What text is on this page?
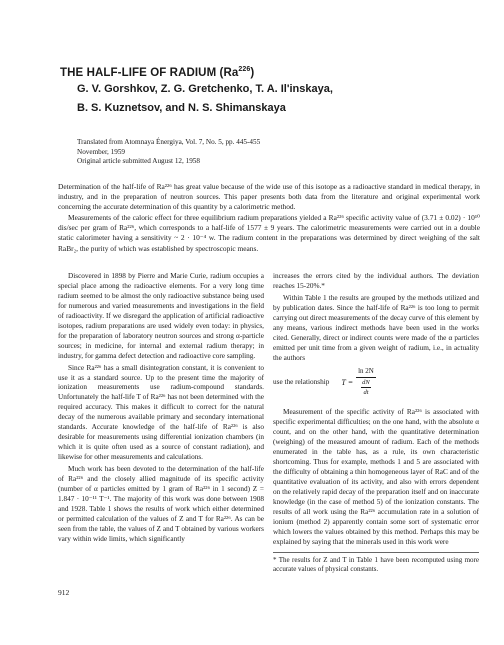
THE HALF-LIFE OF RADIUM (Ra$^{226}$)
G. V. Gorshkov, Z. G. Gretchenko, T. A. Il'inskaya,
B. S. Kuznetsov, and N. S. Shimanskaya
Translated from Atomnaya Énergiya, Vol. 7, No. 5, pp. 445-455
November, 1959
Original article submitted August 12, 1958

Determination of the half-life of Ra²²⁶ has great value because of the wide use of this isotope as a radioactive standard in medical therapy, in industry, and in the preparation of neutron sources. This paper presents both data from the literature and original experimental work concerning the accurate determination of this quantity by a calorimetric method.

Measurements of the caloric effect for three equilibrium radium preparations yielded a Ra²²⁶ specific activity value of (3.71 ± 0.02) · 10¹⁰ dis/sec per gram of Ra²²⁶, which corresponds to a half-life of 1577 ± 9 years. The calorimetric measurements were carried out in a double static calorimeter having a sensitivity ~ 2 · 10⁻⁴ w. The radium content in the preparations was determined by direct weighing of the salt RaBr₂, the purity of which was established by spectroscopic means.

Discovered in 1898 by Pierre and Marie Curie, radium occupies a special place among the radioactive elements. For a very long time radium seemed to be almost the only radioactive substance being used for numerous and varied measurements and investigations in the field of radioactivity. If we disregard the application of artificial radioactive isotopes, radium preparations are used widely even today: in physics, for the preparation of laboratory neutron sources and strong α-particle sources; in medicine, for internal and external radium therapy; in industry, for gamma defect detection and radioactive core sampling.

Since Ra²²⁶ has a small disintegration constant, it is convenient to use it as a standard source. Up to the present time the majority of ionization measurements use radium-compound standards. Unfortunately the half-life T of Ra²²⁶ has not been determined with the required accuracy. This makes it difficult to correct for the natural decay of the numerous available primary and secondary international standards. Accurate knowledge of the half-life of Ra²²⁶ is also desirable for measurements using differential ionization chambers (in which it is quite often used as a source of constant radiation), and likewise for other measurements and calculations.

Much work has been devoted to the determination of the half-life of Ra²²⁶ and the closely allied magnitude of its specific activity (number of α particles emitted by 1 gram of Ra²²⁶ in 1 second) Z = 1.847 · 10⁻¹¹ T⁻¹. The majority of this work was done between 1908 and 1928. Table 1 shows the results of work which either determined or permitted calculation of the values of Z and T for Ra²²⁶. As can be seen from the table, the values of Z and T obtained by various workers vary within wide limits, which significantly

increases the errors cited by the individual authors. The deviation reaches 15-20%.*

Within Table 1 the results are grouped by the methods utilized and by publication dates. Since the half-life of Ra²²⁶ is too long to permit carrying out direct measurements of the decay curve of this element by any means, various indirect methods have been used in the works cited. Generally, direct or indirect counts were made of the α particles emitted per unit time from a given weight of radium, i.e., in actuality the authors

use the relationship $T = \frac{\ln 2N}{\frac{dN}{dt}}$

Measurement of the specific activity of Ra²²⁶ is associated with specific experimental difficulties; on the one hand, with the absolute α count, and on the other hand, with the quantitative determination (weighing) of the measured amount of radium. Each of the methods enumerated in the table has, as a rule, its own characteristic shortcoming. Thus for example, methods 1 and 5 are associated with the difficulty of obtaining a thin homogeneous layer of RaC and of the quantitative evaluation of its activity, and also with errors dependent on the relatively rapid decay of the preparation itself and on inaccurate knowledge (in the case of method 5) of the ionization constants. The results of all work using the Ra²²⁶ accumulation rate in a solution of ionium (method 2) apparently contain some sort of systematic error which lowers the values obtained by this method. Perhaps this may be explained by saying that the minerals used in this work were

* The results for Z and T in Table 1 have been recomputed using more accurate values of physical constants.

912
